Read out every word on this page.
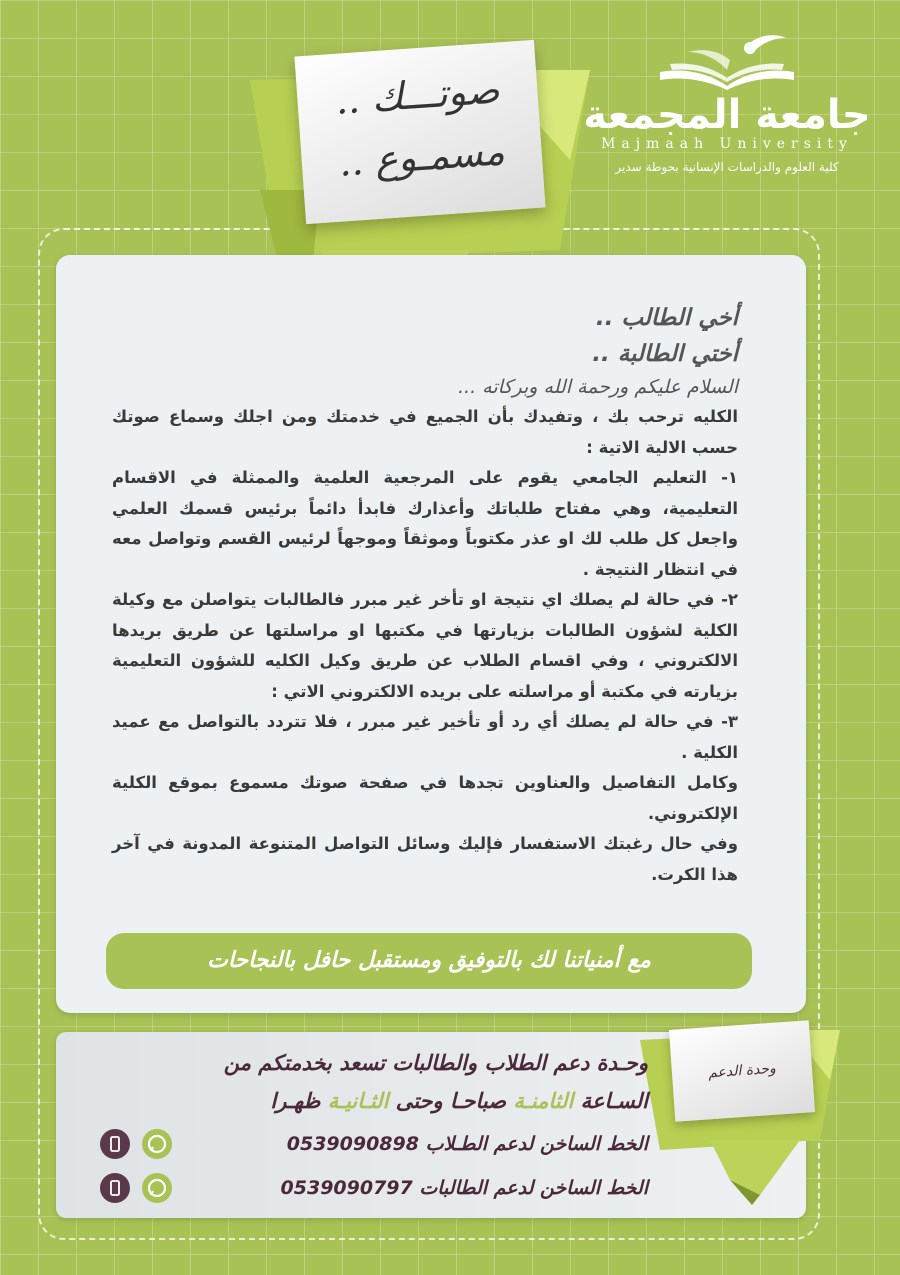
جامعة المجمعة
Majmaah University
كلية العلوم والدراسات الإنسانية بحوطة سدير
صوتـــك ..
مسمـوع ..
أخي الطالب ..
أختي الطالبة ..
السلام عليكم ورحمة الله وبركاته ...

الكليه ترحب بك ، وتفيدك بأن الجميع في خدمتك ومن اجلك وسماع صوتك حسب الالية الاتية :

١- التعليم الجامعي يقوم على المرجعية العلمية والممثلة في الاقسام التعليمية، وهي مفتاح طلباتك وأعذارك فابدأ دائماً برئيس قسمك العلمي واجعل كل طلب لك او عذر مكتوباً وموثقاً وموجهاً لرئيس القسم وتواصل معه في انتظار النتيجة .

٢- في حالة لم يصلك اي نتيجة او تأخر غير مبرر فالطالبات يتواصلن مع وكيلة الكلية لشؤون الطالبات بزيارتها في مكتبها او مراسلتها عن طريق بريدها الالكتروني ، وفي اقسام الطلاب عن طريق وكيل الكليه للشؤون التعليمية بزيارته في مكتبة أو مراسلته على بريده الالكتروني الاتي :

٣- في حالة لم يصلك أي رد أو تأخير غير مبرر ، فلا تتردد بالتواصل مع عميد الكلية .

وكامل التفاصيل والعناوين تجدها في صفحة صوتك مسموع بموقع الكلية الإلكتروني.

وفي حال رغبتك الاستفسار فإليك وسائل التواصل المتنوعة المدونة في آخر هذا الكرت.

مع أمنياتنا لك بالتوفيق ومستقبل حافل بالنجاحات
وحدة الدعم
وحـدة دعم الطلاب والطالبات تسعد بخدمتكم من
السـاعة الثامنـة صباحـا وحتى الثـانيـة ظهـرا
الخط الساخن لدعم الطـلاب 0539090898
الخط الساخن لدعم الطالبات 0539090797
